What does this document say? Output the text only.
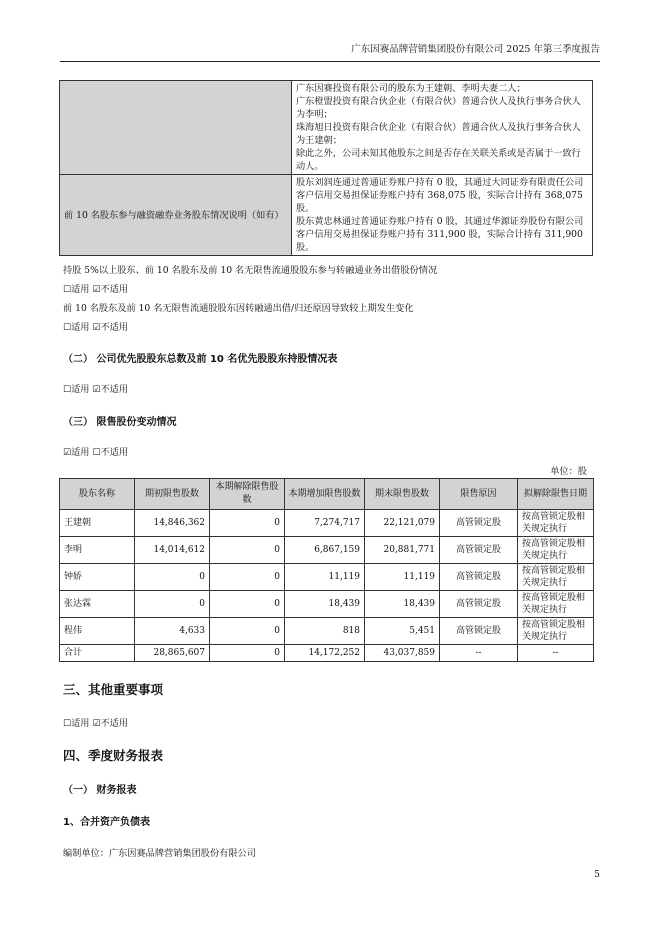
广东因赛品牌营销集团股份有限公司 2025 年第三季度报告

	广东因赛投资有限公司的股东为王建朝、李明夫妻二人；

广东橙盟投资有限合伙企业（有限合伙）普通合伙人及执行事务合伙人为李明；

珠海旭日投资有限合伙企业（有限合伙）普通合伙人及执行事务合伙人为王建朝；

除此之外，公司未知其他股东之间是否存在关联关系或是否属于一致行动人。

前 10 名股东参与融资融券业务股东情况说明（如有）	股东刘润连通过普通证券账户持有 0 股，其通过大同证券有限责任公司客户信用交易担保证券账户持有 368,075 股，实际合计持有 368,075 股。

股东黄忠林通过普通证券账户持有 0 股，其通过华源证券股份有限公司客户信用交易担保证券账户持有 311,900 股，实际合计持有 311,900 股。

持股 5%以上股东、前 10 名股东及前 10 名无限售流通股股东参与转融通业务出借股份情况
☐适用 ☑不适用
前 10 名股东及前 10 名无限售流通股股东因转融通出借/归还原因导致较上期发生变化
☐适用 ☑不适用
（二） 公司优先股股东总数及前 10 名优先股股东持股情况表
☐适用 ☑不适用
（三） 限售股份变动情况
☑适用 ☐不适用
单位：股
股东名称	期初限售股数	本期解除限售股数	本期增加限售股数	期末限售股数	限售原因	拟解除限售日期
王建朝	14,846,362	0	7,274,717	22,121,079	高管锁定股	按高管锁定股相关规定执行
李明	14,014,612	0	6,867,159	20,881,771	高管锁定股	按高管锁定股相关规定执行
钟娇	0	0	11,119	11,119	高管锁定股	按高管锁定股相关规定执行
张达霖	0	0	18,439	18,439	高管锁定股	按高管锁定股相关规定执行
程伟	4,633	0	818	5,451	高管锁定股	按高管锁定股相关规定执行
合计	28,865,607	0	14,172,252	43,037,859	--	--
三、其他重要事项
☐适用 ☑不适用
四、季度财务报表
（一） 财务报表
1、合并资产负债表
编制单位：广东因赛品牌营销集团股份有限公司
5
